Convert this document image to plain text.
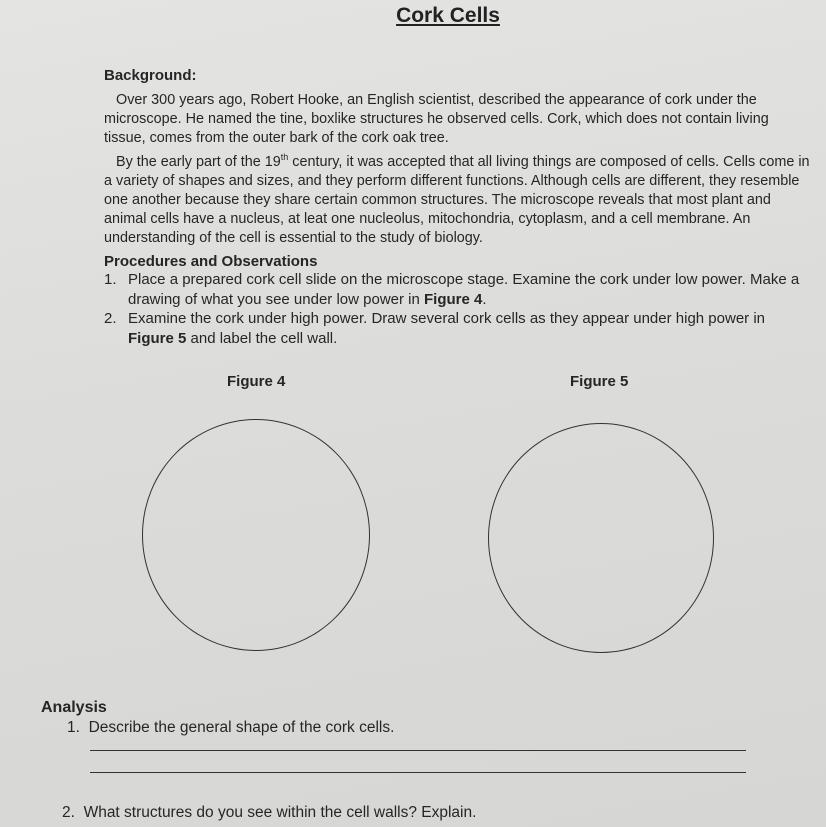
Cork Cells
Background:

Over 300 years ago, Robert Hooke, an English scientist, described the appearance of cork under the microscope. He named the tine, boxlike structures he observed cells. Cork, which does not contain living tissue, comes from the outer bark of the cork oak tree.

By the early part of the 19th century, it was accepted that all living things are composed of cells. Cells come in a variety of shapes and sizes, and they perform different functions. Although cells are different, they resemble one another because they share certain common structures. The microscope reveals that most plant and animal cells have a nucleus, at leat one nucleolus, mitochondria, cytoplasm, and a cell membrane. An understanding of the cell is essential to the study of biology.

Procedures and Observations
1. Place a prepared cork cell slide on the microscope stage. Examine the cork under low power. Make a drawing of what you see under low power in Figure 4.
2. Examine the cork under high power. Draw several cork cells as they appear under high power in Figure 5 and label the cell wall.
Figure 4	Figure 5
Analysis
1. Describe the general shape of the cork cells.
2. What structures do you see within the cell walls? Explain.
